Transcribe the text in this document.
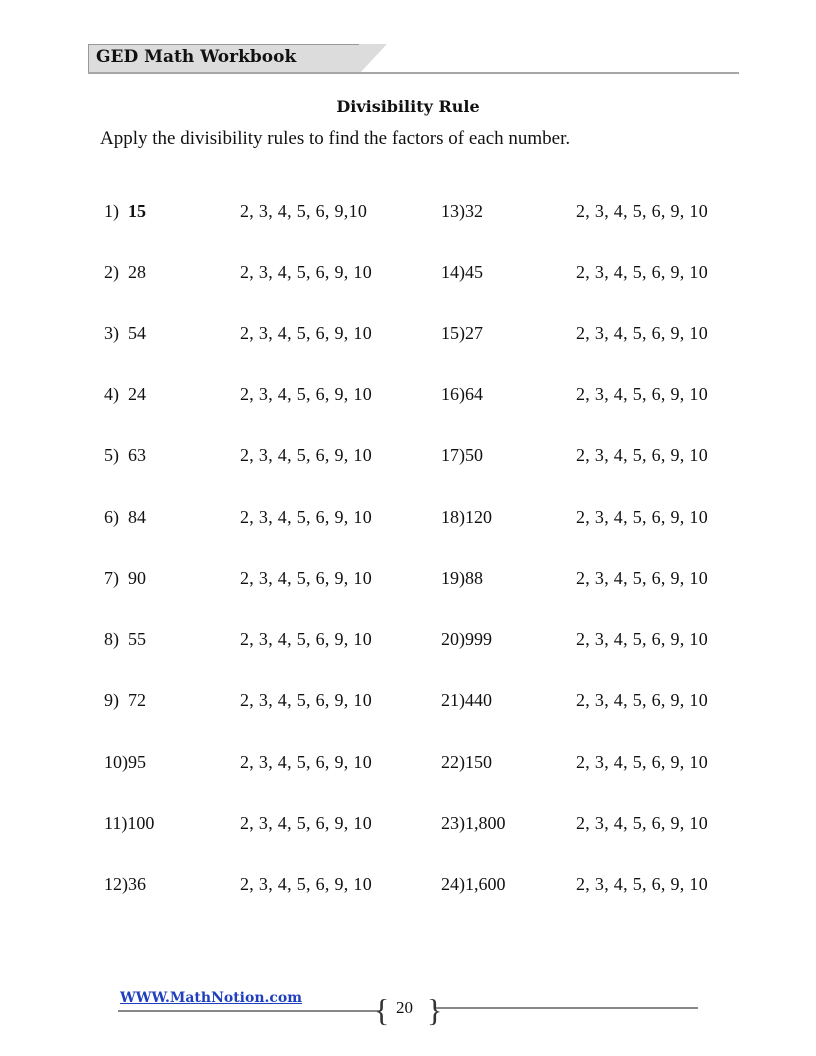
GED Math Workbook
Divisibility Rule
Apply the divisibility rules to find the factors of each number.
1) 15	2, 3, 4, 5, 6, 9,10	13)32	2, 3, 4, 5, 6, 9, 10
2) 28	2, 3, 4, 5, 6, 9, 10	14)45	2, 3, 4, 5, 6, 9, 10
3) 54	2, 3, 4, 5, 6, 9, 10	15)27	2, 3, 4, 5, 6, 9, 10
4) 24	2, 3, 4, 5, 6, 9, 10	16)64	2, 3, 4, 5, 6, 9, 10
5) 63	2, 3, 4, 5, 6, 9, 10	17)50	2, 3, 4, 5, 6, 9, 10
6) 84	2, 3, 4, 5, 6, 9, 10	18)120	2, 3, 4, 5, 6, 9, 10
7) 90	2, 3, 4, 5, 6, 9, 10	19)88	2, 3, 4, 5, 6, 9, 10
8) 55	2, 3, 4, 5, 6, 9, 10	20)999	2, 3, 4, 5, 6, 9, 10
9) 72	2, 3, 4, 5, 6, 9, 10	21)440	2, 3, 4, 5, 6, 9, 10
10)95	2, 3, 4, 5, 6, 9, 10	22)150	2, 3, 4, 5, 6, 9, 10
11)100	2, 3, 4, 5, 6, 9, 10	23)1,800	2, 3, 4, 5, 6, 9, 10
12)36	2, 3, 4, 5, 6, 9, 10	24)1,600	2, 3, 4, 5, 6, 9, 10
WWW.MathNotion.com { 20 }
